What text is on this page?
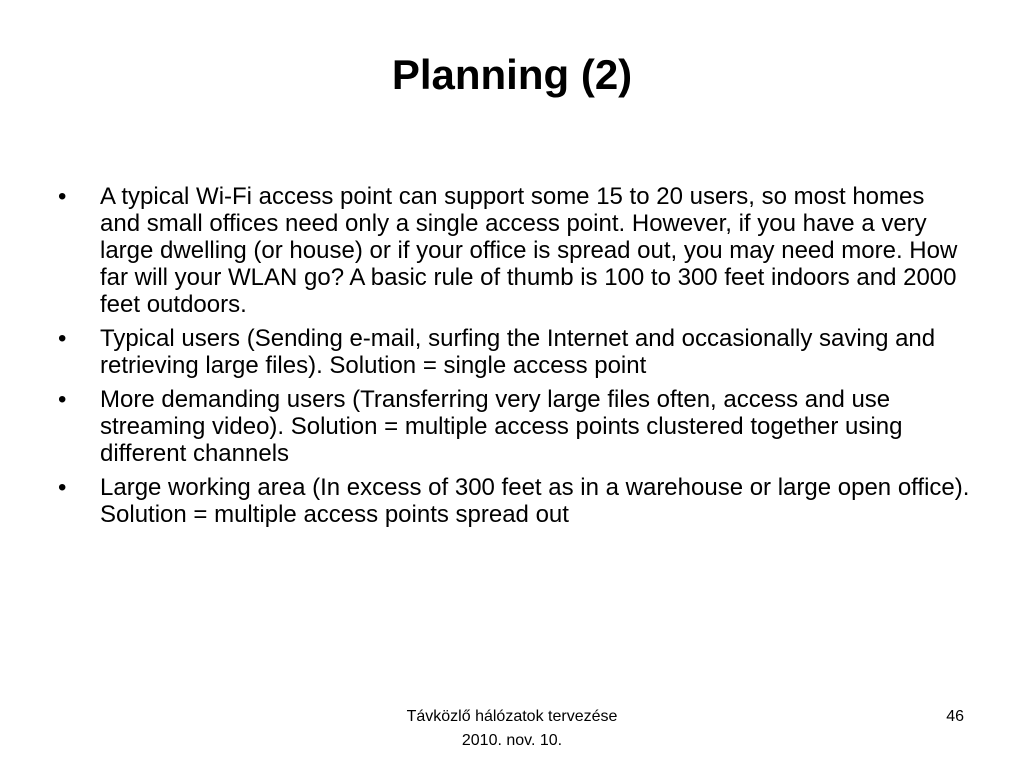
Planning (2)
•	A typical Wi-Fi access point can support some 15 to 20 users, so most homes and small offices need only a single access point. However, if you have a very large dwelling (or house) or if your office is spread out, you may need more. How far will your WLAN go? A basic rule of thumb is 100 to 300 feet indoors and 2000 feet outdoors.
•	Typical users (Sending e-mail, surfing the Internet and occasionally saving and retrieving large files). Solution = single access point
•	More demanding users (Transferring very large files often, access and use streaming video). Solution = multiple access points clustered together using different channels
•	Large working area (In excess of 300 feet as in a warehouse or large open office). Solution = multiple access points spread out
Távközlő hálózatok tervezése
2010. nov. 10.
46
